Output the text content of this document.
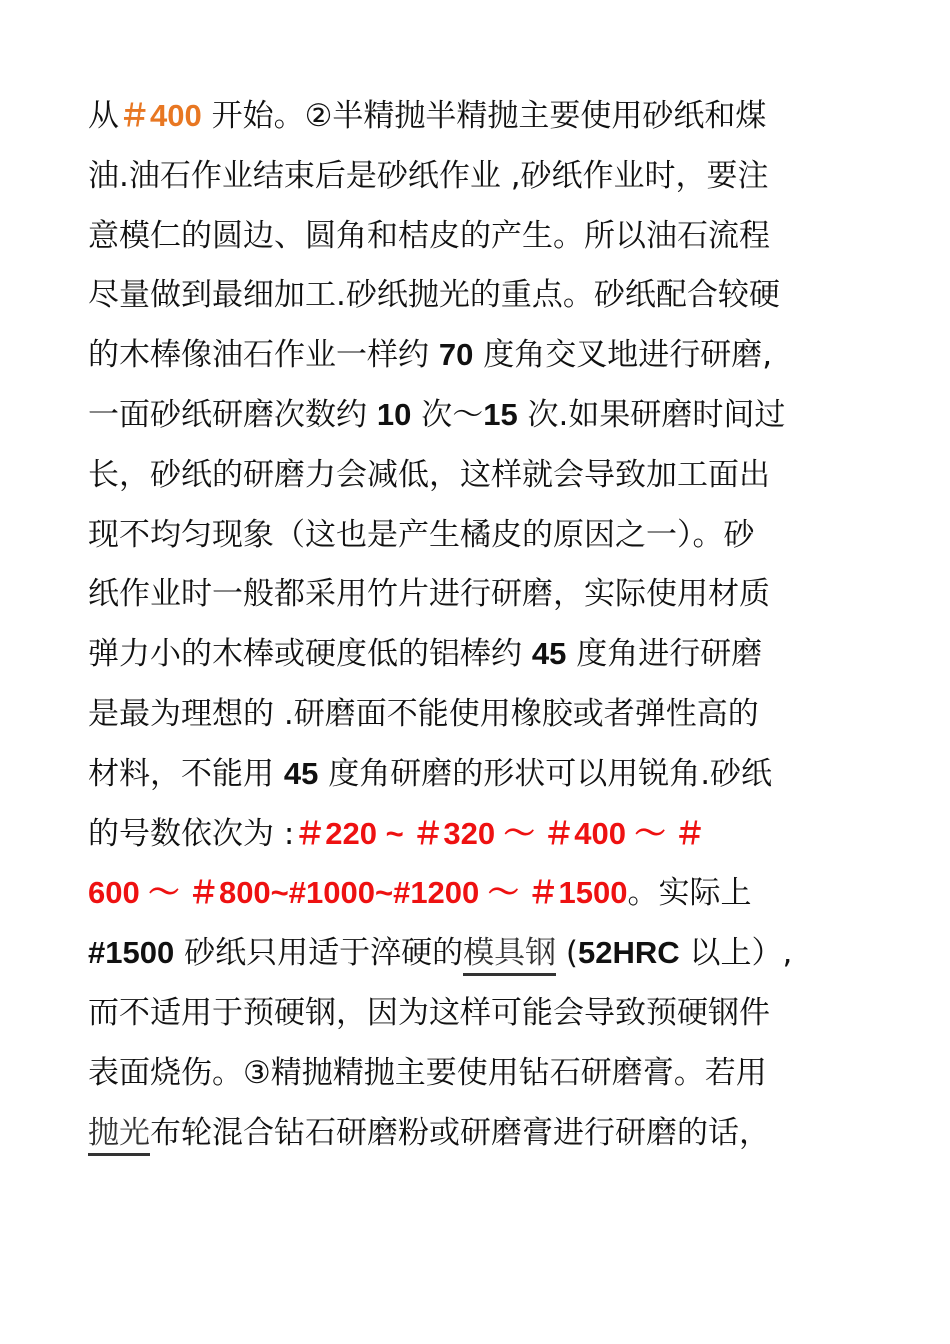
从＃400 开始。②半精抛半精抛主要使用砂纸和煤
油.油石作业结束后是砂纸作业 ,砂纸作业时，要注
意模仁的圆边、圆角和桔皮的产生。所以油石流程
尽量做到最细加工.砂纸抛光的重点。砂纸配合较硬
的木棒像油石作业一样约 70 度角交叉地进行研磨,
一面砂纸研磨次数约 10 次～15 次.如果研磨时间过
长，砂纸的研磨力会减低，这样就会导致加工面出
现不均匀现象（这也是产生橘皮的原因之一）。砂
纸作业时一般都采用竹片进行研磨，实际使用材质
弹力小的木棒或硬度低的铝棒约 45 度角进行研磨
是最为理想的 .研磨面不能使用橡胶或者弹性高的
材料，不能用 45 度角研磨的形状可以用锐角.砂纸
的号数依次为 :＃220 ~ ＃320 ～ ＃400 ～ ＃
600 ～ ＃800~#1000~#1200 ～ ＃1500。实际上
#1500 砂纸只用适于淬硬的模具钢 (52HRC 以上）,
而不适用于预硬钢，因为这样可能会导致预硬钢件
表面烧伤。③精抛精抛主要使用钻石研磨膏。若用
抛光布轮混合钻石研磨粉或研磨膏进行研磨的话，
